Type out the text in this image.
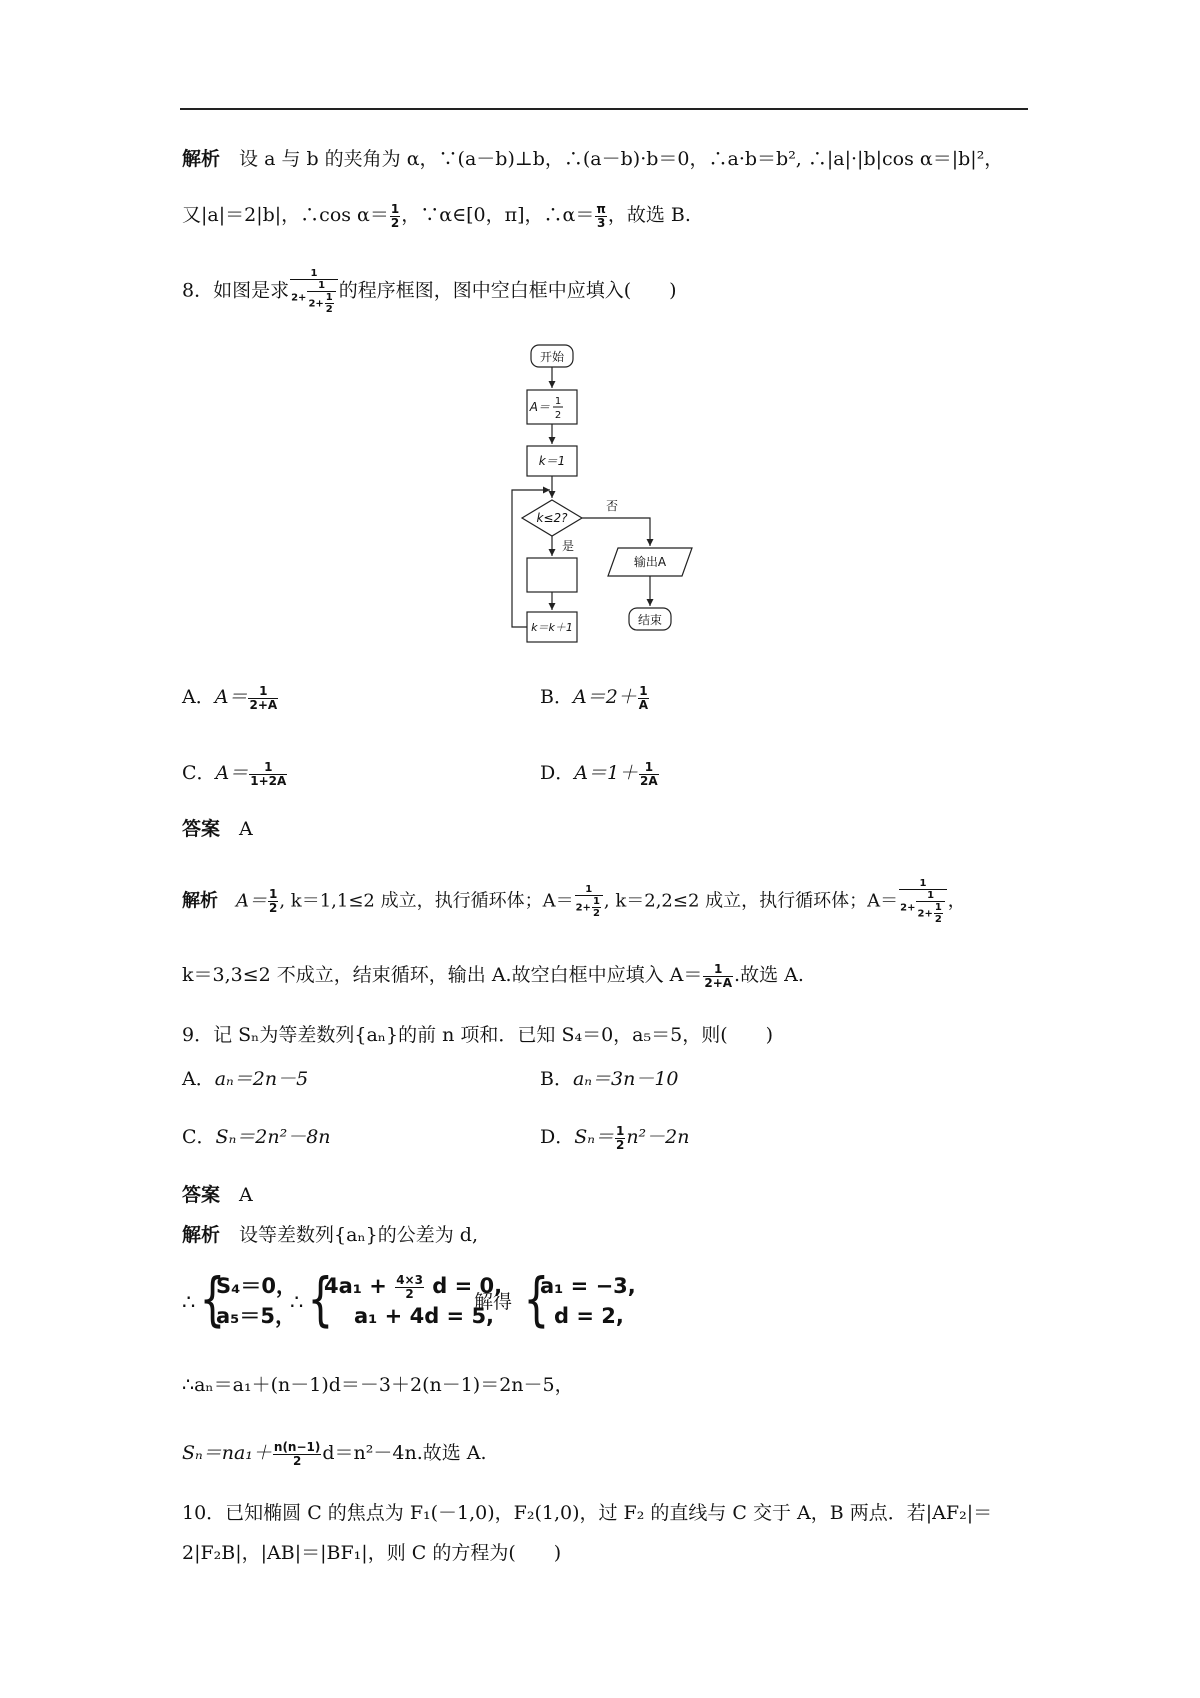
解析　 设 a 与 b 的夹角为 α，∵(a－b)⊥b，∴(a－b)·b＝0，∴a·b＝b², ∴|a|·|b|cos α＝|b|²，
又|a|＝2|b|，∴cos $\alpha= \frac{1}{2}$ ，∵α∈[0，π]，∴α＝ $\frac{\pi}{3}$ ，故选 B.
8．如图是求 $\frac{1}{2+ \frac{1}{2+ \frac{1}{2}}}$ 的程序框图，图中空白框中应填入(　　)
开始
A＝ 1
2
k＝1
k≤2?
否
是
输出A
k＝k＋1
结束
A．$A= \frac{1}{2+A}$	B．$A=2+ \frac{1}{A}$
C．$A= \frac{1}{1+2A}$	D．$A=1+ \frac{1}{2A}$
答案　 A
解析　 $A= \frac{1}{2}$ , k＝1,1≤2 成立，执行循环体；$A= \frac{1}{2+ \frac{1}{2}}$ , k＝2,2≤2 成立，执行循环体；$A= \frac{1}{2+ \frac{1}{2+ \frac{1}{2}}}$ ，
k＝3,3≤2 不成立，结束循环，输出 A.故空白框中应填入 $A= \frac{1}{2+A}$ .故选 A.
9．记 Sₙ为等差数列{aₙ}的前 n 项和．已知 S₄＝0，a₅＝5，则(　　)
A．aₙ＝2n－5	B．aₙ＝3n－10
C．Sₙ＝2n²－8n	D．$S_n= \frac{1}{2} n^2-2n$
答案　 A
解析　 设等差数列{aₙ}的公差为 d,
∴ {
S₄＝0，
a₅＝5，
∴ {
$4a_1 + \frac{4\times 3}{2}$ d = 0,
a₁ + 4d = 5,
解得 {
a₁ = −3,
d = 2,
∴aₙ＝a₁＋(n－1)d＝－3＋2(n－1)＝2n－5，
$S_n=na_1+ \frac{n(n-1)}{2} d=n^2-4n$.故选 A.
10．已知椭圆 C 的焦点为 F₁(－1,0)，F₂(1,0)，过 F₂ 的直线与 C 交于 A，B 两点．若|AF₂|＝
2|F₂B|，|AB|＝|BF₁|，则 C 的方程为(　　)
